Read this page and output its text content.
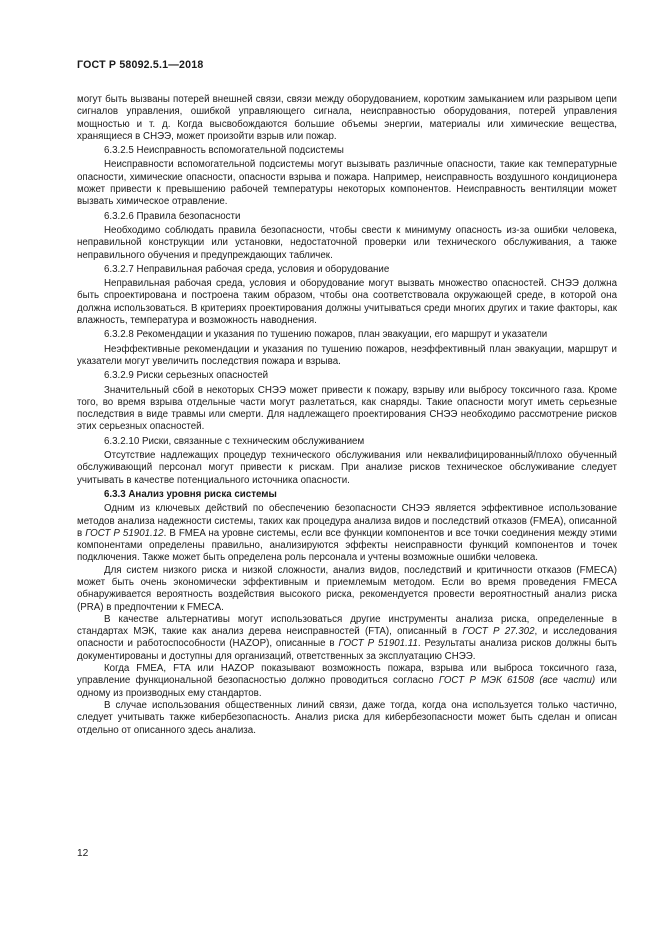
ГОСТ Р 58092.5.1—2018

могут быть вызваны потерей внешней связи, связи между оборудованием, коротким замыканием или разрывом цепи сигналов управления, ошибкой управляющего сигнала, неисправностью оборудования, потерей управления мощностью и т. д. Когда высвобождаются большие объемы энергии, материалы или химические вещества, хранящиеся в СНЭЭ, может произойти взрыв или пожар.

6.3.2.5 Неисправность вспомогательной подсистемы

Неисправности вспомогательной подсистемы могут вызывать различные опасности, такие как температурные опасности, химические опасности, опасности взрыва и пожара. Например, неисправность воздушного кондиционера может привести к превышению рабочей температуры некоторых компонентов. Неисправность вентиляции может вызвать химическое отравление.

6.3.2.6 Правила безопасности

Необходимо соблюдать правила безопасности, чтобы свести к минимуму опасность из-за ошибки человека, неправильной конструкции или установки, недостаточной проверки или технического обслуживания, а также неправильного обучения и предупреждающих табличек.

6.3.2.7 Неправильная рабочая среда, условия и оборудование

Неправильная рабочая среда, условия и оборудование могут вызвать множество опасностей. СНЭЭ должна быть спроектирована и построена таким образом, чтобы она соответствовала окружающей среде, в которой она должна использоваться. В критериях проектирования должны учитываться среди многих других и такие факторы, как влажность, температура и возможность наводнения.

6.3.2.8 Рекомендации и указания по тушению пожаров, план эвакуации, его маршрут и указатели

Неэффективные рекомендации и указания по тушению пожаров, неэффективный план эвакуации, маршрут и указатели могут увеличить последствия пожара и взрыва.

6.3.2.9 Риски серьезных опасностей

Значительный сбой в некоторых СНЭЭ может привести к пожару, взрыву или выбросу токсичного газа. Кроме того, во время взрыва отдельные части могут разлетаться, как снаряды. Такие опасности могут иметь серьезные последствия в виде травмы или смерти. Для надлежащего проектирования СНЭЭ необходимо рассмотрение рисков этих серьезных опасностей.

6.3.2.10 Риски, связанные с техническим обслуживанием

Отсутствие надлежащих процедур технического обслуживания или неквалифицированный/плохо обученный обслуживающий персонал могут привести к рискам. При анализе рисков техническое обслуживание следует учитывать в качестве потенциального источника опасности.

6.3.3 Анализ уровня риска системы

Одним из ключевых действий по обеспечению безопасности СНЭЭ является эффективное использование методов анализа надежности системы, таких как процедура анализа видов и последствий отказов (FMEA), описанной в ГОСТ Р 51901.12. В FMEA на уровне системы, если все функции компонентов и все точки соединения между этими компонентами определены правильно, анализируются эффекты неисправности функций компонентов и точек подключения. Также может быть определена роль персонала и учтены возможные ошибки человека.

Для систем низкого риска и низкой сложности, анализ видов, последствий и критичности отказов (FMECA) может быть очень экономически эффективным и приемлемым методом. Если во время проведения FMECA обнаруживается вероятность воздействия высокого риска, рекомендуется провести вероятностный анализ риска (PRA) в предпочтении к FMECA.

В качестве альтернативы могут использоваться другие инструменты анализа риска, определенные в стандартах МЭК, такие как анализ дерева неисправностей (FTA), описанный в ГОСТ Р 27.302, и исследования опасности и работоспособности (HAZOP), описанные в ГОСТ Р 51901.11. Результаты анализа рисков должны быть документированы и доступны для организаций, ответственных за эксплуатацию СНЭЭ.

Когда FMEA, FTA или HAZOP показывают возможность пожара, взрыва или выброса токсичного газа, управление функциональной безопасностью должно проводиться согласно ГОСТ Р МЭК 61508 (все части) или одному из производных ему стандартов.

В случае использования общественных линий связи, даже тогда, когда она используется только частично, следует учитывать также кибербезопасность. Анализ риска для кибербезопасности может быть сделан и описан отдельно от описанного здесь анализа.

12
